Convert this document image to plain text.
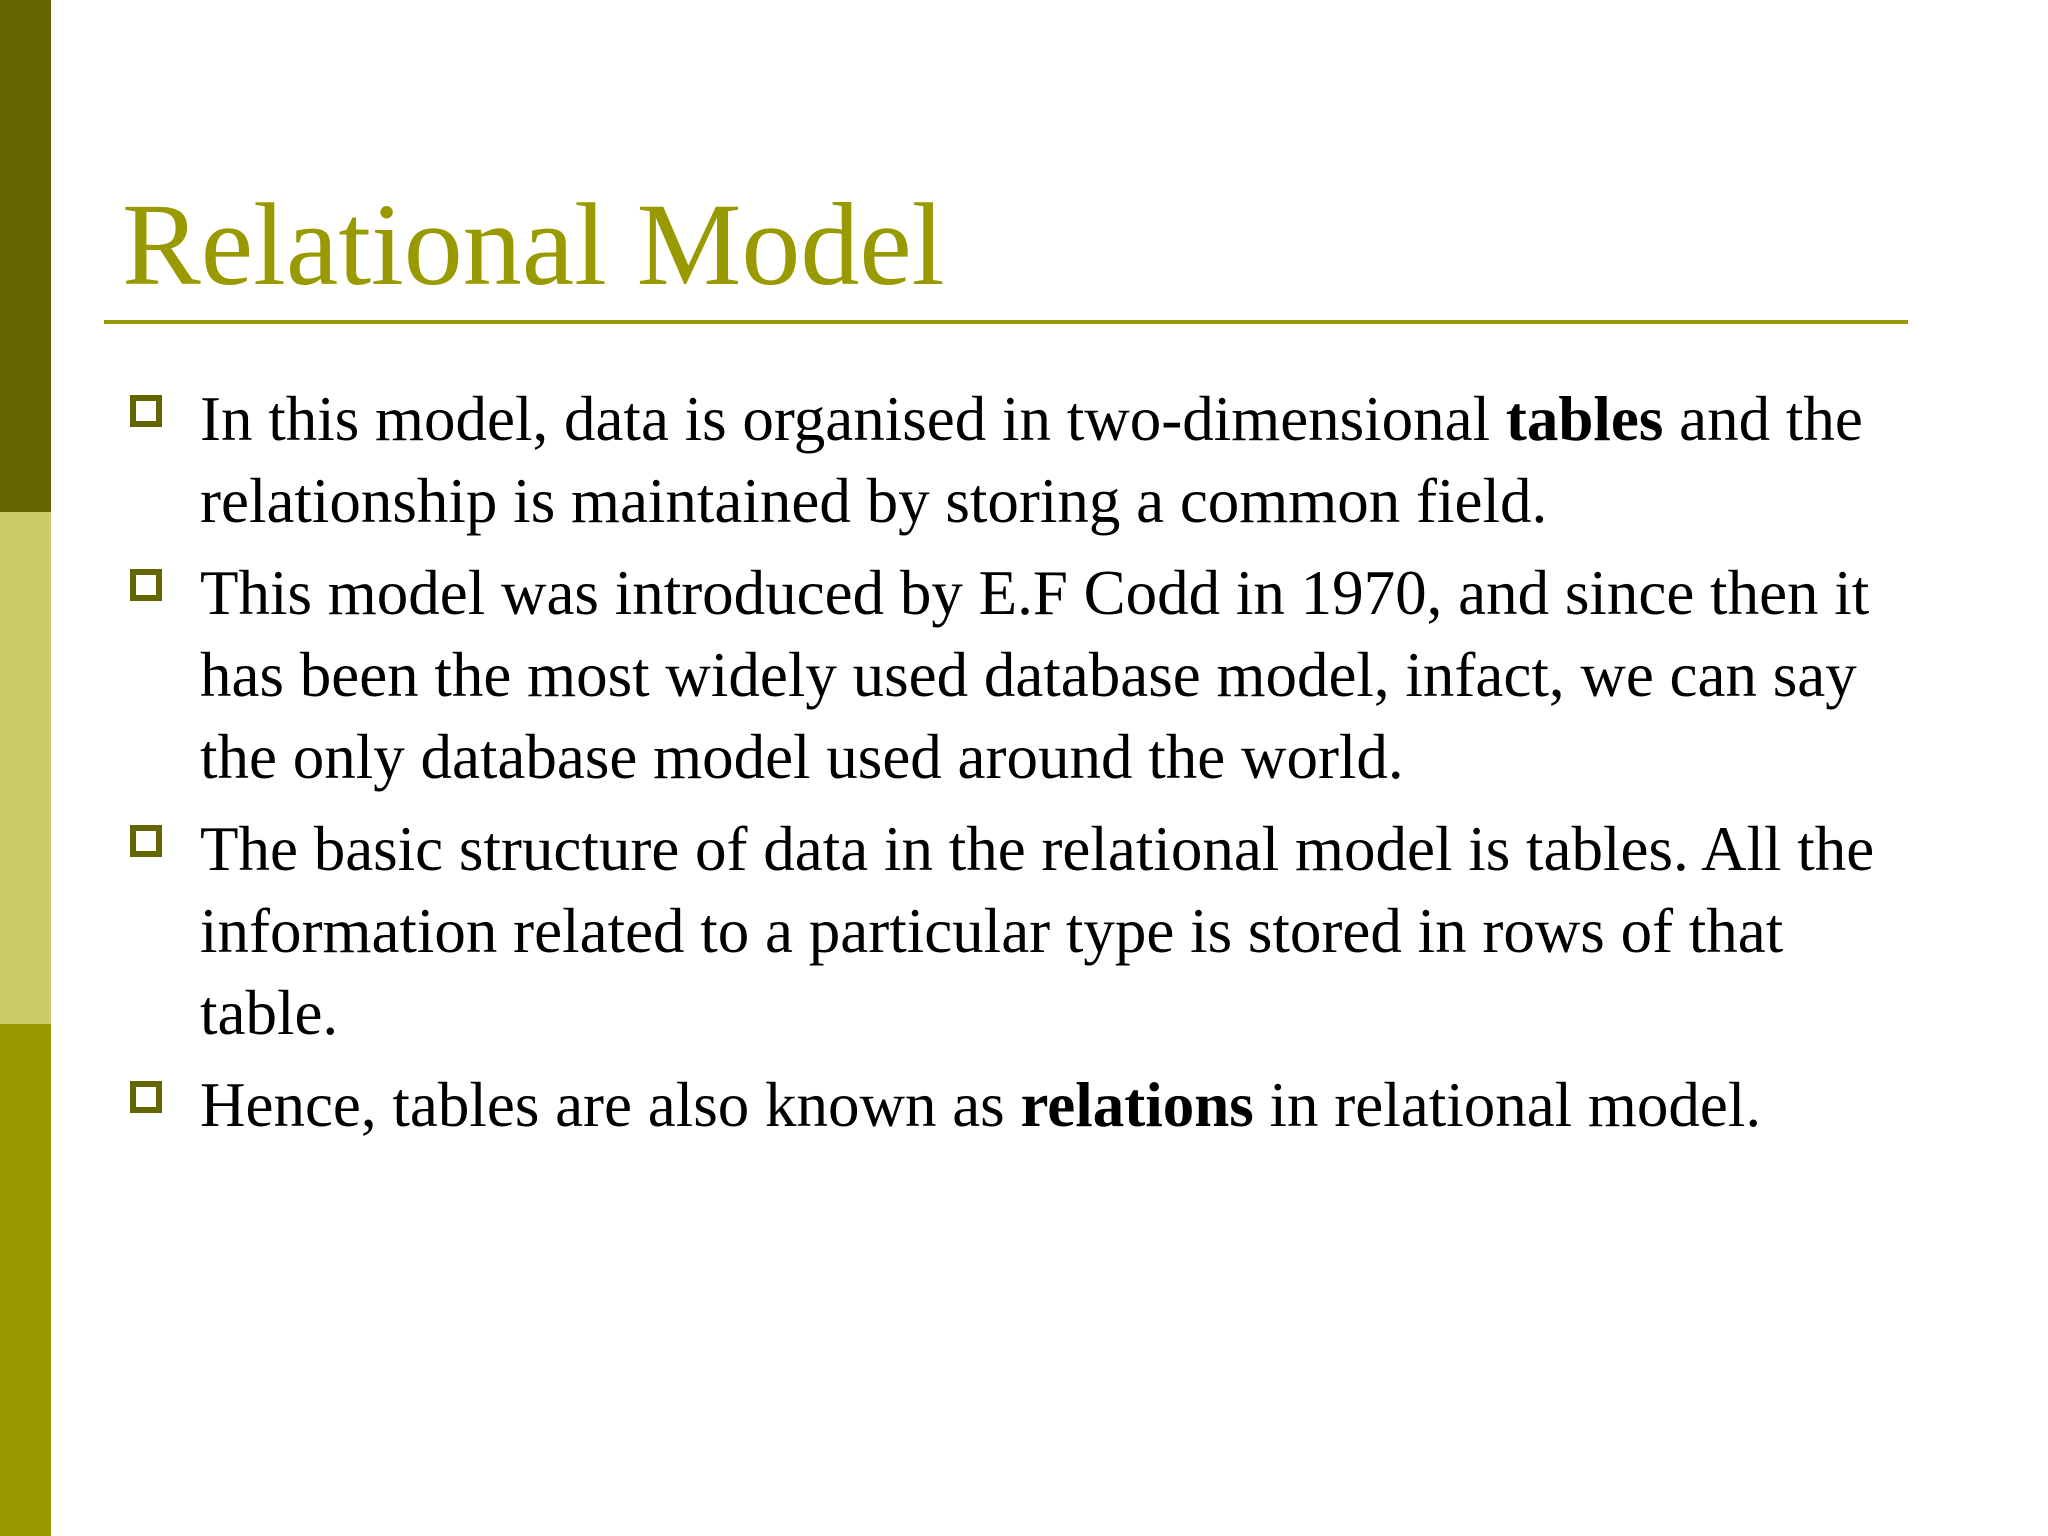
Relational Model
In this model, data is organised in two-dimensional tables and the relationship is maintained by storing a common field.
This model was introduced by E.F Codd in 1970, and since then it has been the most widely used database model, infact, we can say the only database model used around the world.
The basic structure of data in the relational model is tables. All the information related to a particular type is stored in rows of that table.
Hence, tables are also known as relations in relational model.
